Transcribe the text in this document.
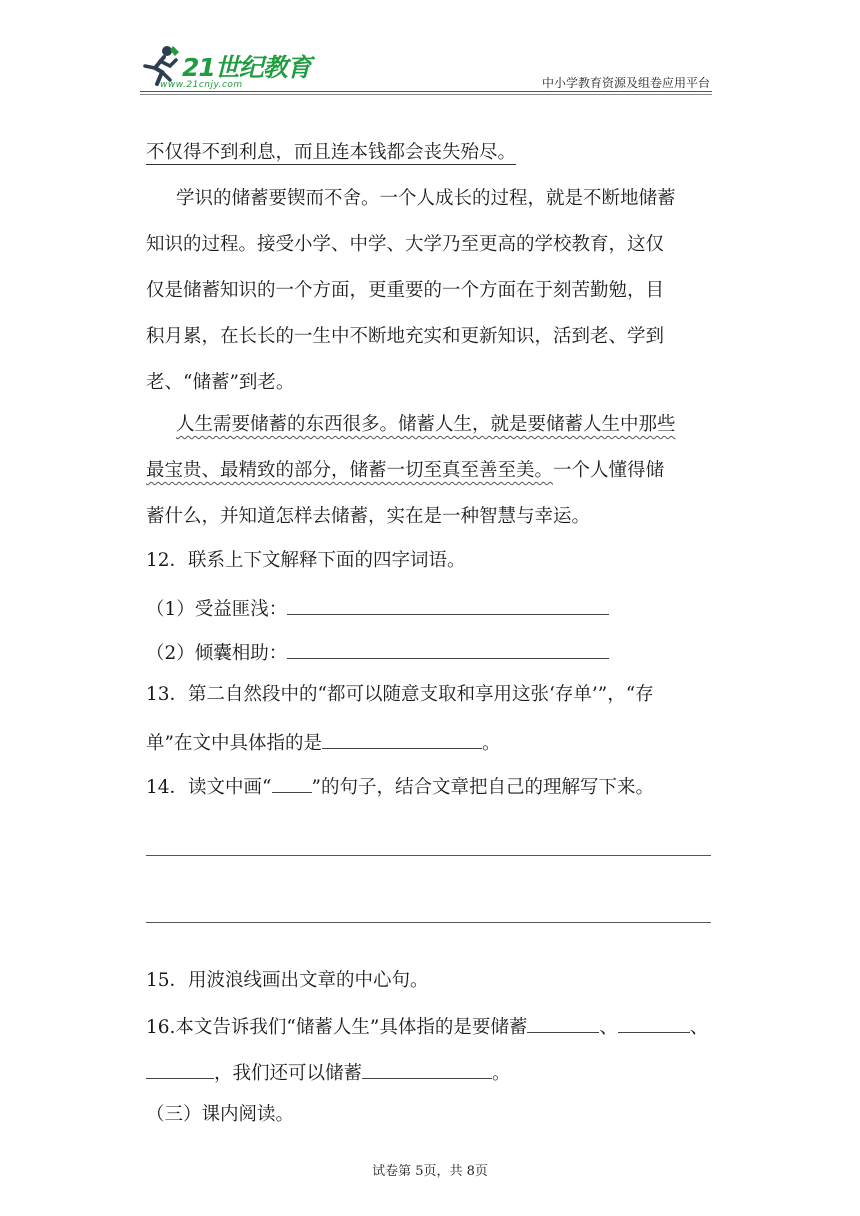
21世纪教育
www.21cnjy.com	中小学教育资源及组卷应用平台
不仅得不到利息，而且连本钱都会丧失殆尽。
学识的储蓄要锲而不舍。一个人成长的过程，就是不断地储蓄
知识的过程。接受小学、中学、大学乃至更高的学校教育，这仅
仅是储蓄知识的一个方面，更重要的一个方面在于刻苦勤勉，目
积月累，在长长的一生中不断地充实和更新知识，活到老、学到
老、“储蓄”到老。
人生需要储蓄的东西很多。储蓄人生，就是要储蓄人生中那些
最宝贵、最精致的部分，储蓄一切至真至善至美。一个人懂得储
蓄什么，并知道怎样去储蓄，实在是一种智慧与幸运。
12．联系上下文解释下面的四字词语。
（1）受益匪浅：
（2）倾囊相助：
13．第二自然段中的“都可以随意支取和享用这张‘存单’”，“存
单”在文中具体指的是	。
14．读文中画“ ”的句子，结合文章把自己的理解写下来。
15．用波浪线画出文章的中心句。
16.本文告诉我们“储蓄人生”具体指的是要储蓄	、	、
，我们还可以储蓄	。
（三）课内阅读。
试卷第 5页，共 8页
